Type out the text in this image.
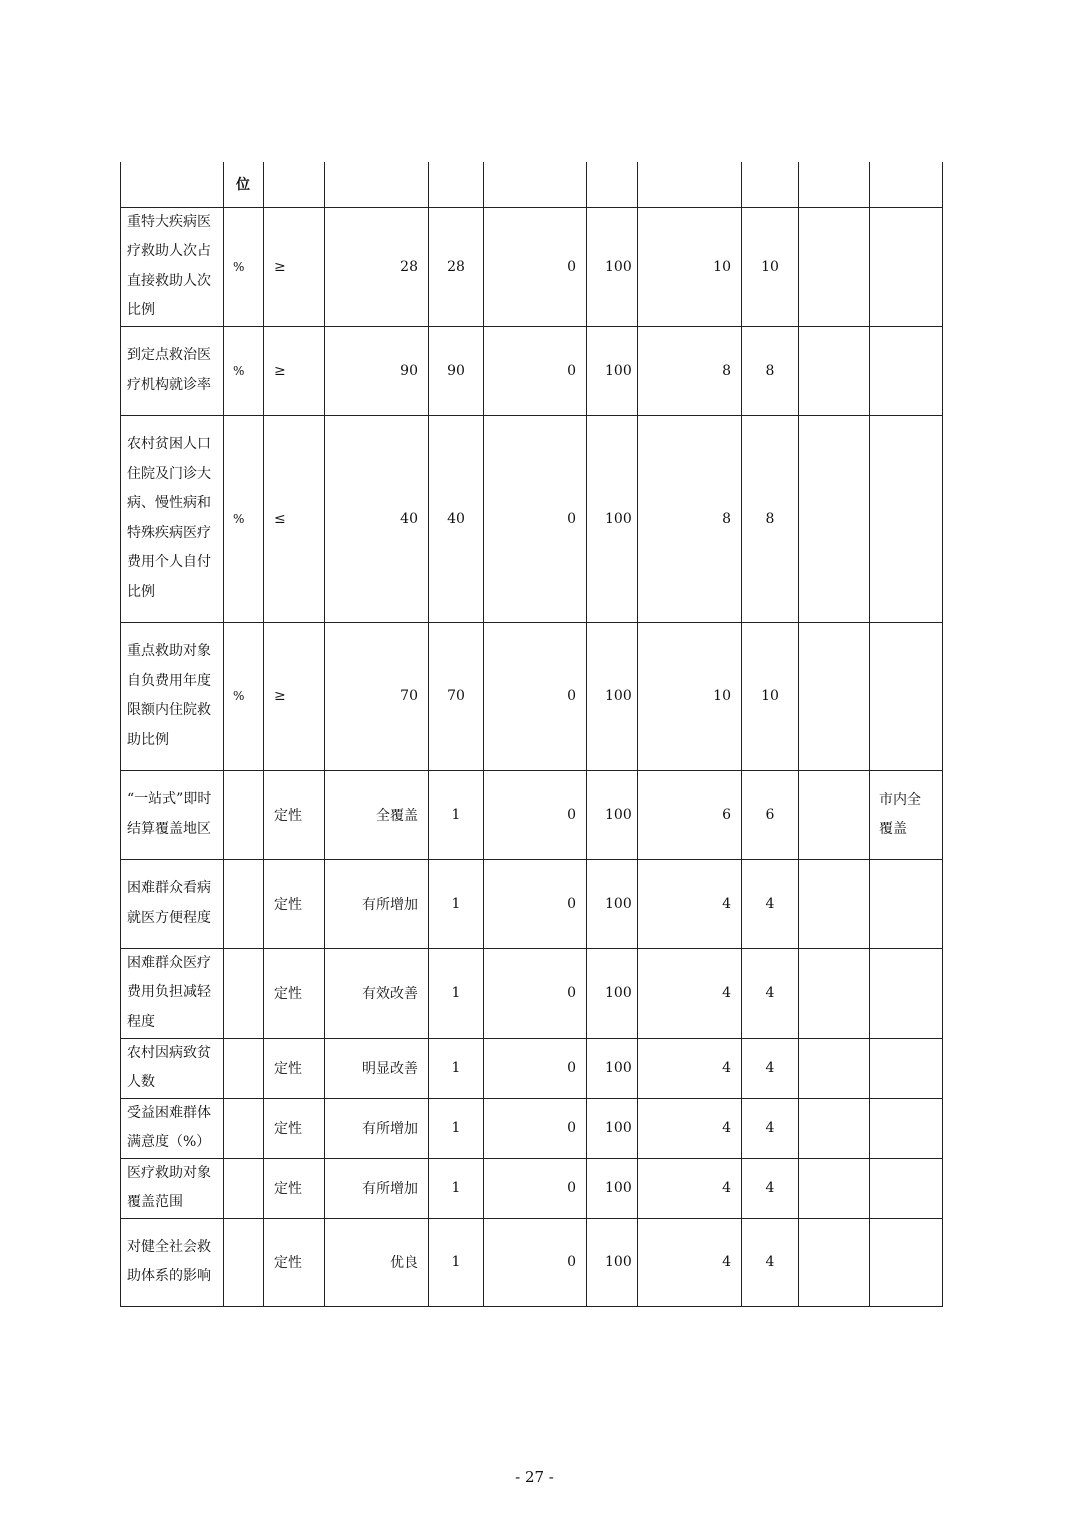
	位									
重特大疾病医疗救助人次占直接救助人次比例	%	≥	28	28	0	100	10	10		
到定点救治医疗机构就诊率	%	≥	90	90	0	100	8	8		
农村贫困人口住院及门诊大病、慢性病和特殊疾病医疗费用个人自付比例	%	≤	40	40	0	100	8	8		
重点救助对象自负费用年度限额内住院救助比例	%	≥	70	70	0	100	10	10		
“一站式”即时结算覆盖地区		定性	全覆盖	1	0	100	6	6		市内全覆盖
困难群众看病就医方便程度		定性	有所增加	1	0	100	4	4		
困难群众医疗费用负担减轻程度		定性	有效改善	1	0	100	4	4		
农村因病致贫人数		定性	明显改善	1	0	100	4	4		
受益困难群体满意度（%）		定性	有所增加	1	0	100	4	4		
医疗救助对象覆盖范围		定性	有所增加	1	0	100	4	4		
对健全社会救助体系的影响		定性	优良	1	0	100	4	4		
- 27 -
